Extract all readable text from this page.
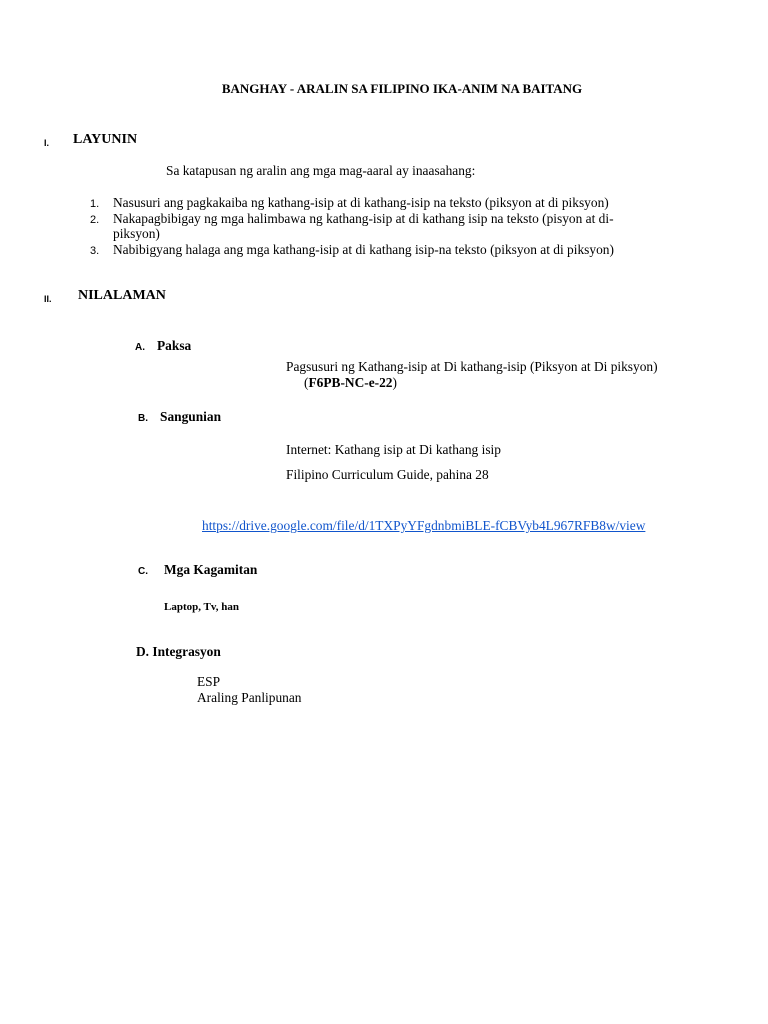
BANGHAY - ARALIN SA FILIPINO IKA-ANIM NA BAITANG
I. LAYUNIN
Sa katapusan ng aralin ang mga mag-aaral ay inaasahang:
1. Nasusuri ang pagkakaiba ng kathang-isip at di kathang-isip na teksto (piksyon at di piksyon)
2. Nakapagbibigay ng mga halimbawa ng kathang-isip at di kathang isip na teksto (pisyon at di-
piksyon)
3. Nabibigyang halaga ang mga kathang-isip at di kathang isip-na teksto (piksyon at di piksyon)
II. NILALAMAN
A. Paksa
Pagsusuri ng Kathang-isip at Di kathang-isip (Piksyon at Di piksyon)
(F6PB-NC-e-22)
B. Sangunian
Internet: Kathang isip at Di kathang isip
Filipino Curriculum Guide, pahina 28
https://drive.google.com/file/d/1TXPyYFgdnbmiBLE-fCBVyb4L967RFB8w/view
C. Mga Kagamitan
Laptop, Tv, han
D. Integrasyon
ESP
Araling Panlipunan
